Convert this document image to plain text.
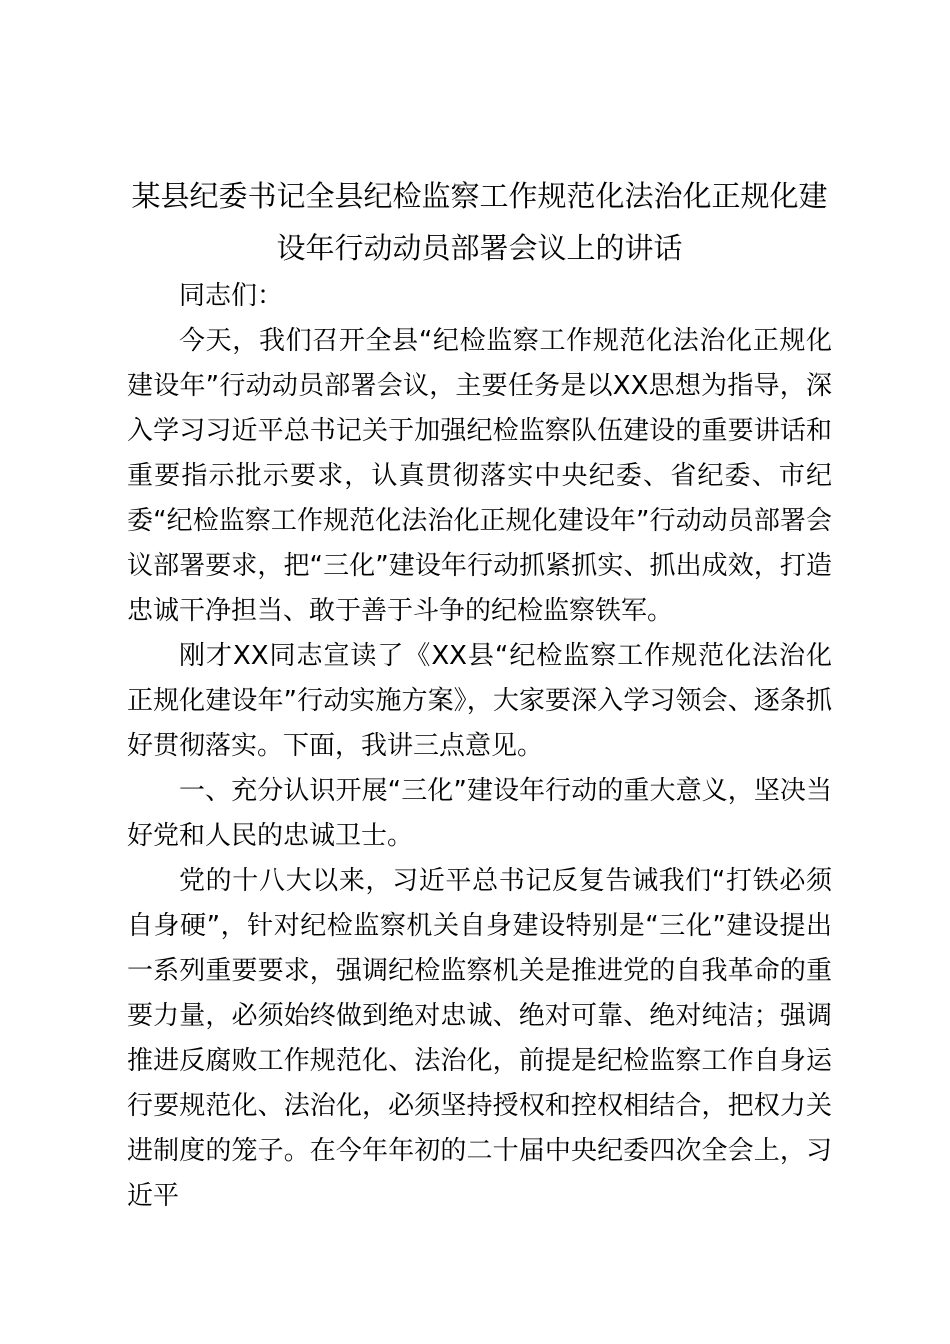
某县纪委书记全县纪检监察工作规范化法治化正规化建
设年行动动员部署会议上的讲话

同志们：

今天，我们召开全县“纪检监察工作规范化法治化正规化建设年”行动动员部署会议，主要任务是以XX思想为指导，深入学习习近平总书记关于加强纪检监察队伍建设的重要讲话和重要指示批示要求，认真贯彻落实中央纪委、省纪委、市纪委“纪检监察工作规范化法治化正规化建设年”行动动员部署会议部署要求，把“三化”建设年行动抓紧抓实、抓出成效，打造忠诚干净担当、敢于善于斗争的纪检监察铁军。

刚才XX同志宣读了《XX县“纪检监察工作规范化法治化正规化建设年”行动实施方案》，大家要深入学习领会、逐条抓好贯彻落实。下面，我讲三点意见。

一、充分认识开展“三化”建设年行动的重大意义，坚决当好党和人民的忠诚卫士。

党的十八大以来，习近平总书记反复告诫我们“打铁必须自身硬”，针对纪检监察机关自身建设特别是“三化”建设提出一系列重要要求，强调纪检监察机关是推进党的自我革命的重要力量，必须始终做到绝对忠诚、绝对可靠、绝对纯洁；强调推进反腐败工作规范化、法治化，前提是纪检监察工作自身运行要规范化、法治化，必须坚持授权和控权相结合，把权力关进制度的笼子。在今年年初的二十届中央纪委四次全会上，习近平
